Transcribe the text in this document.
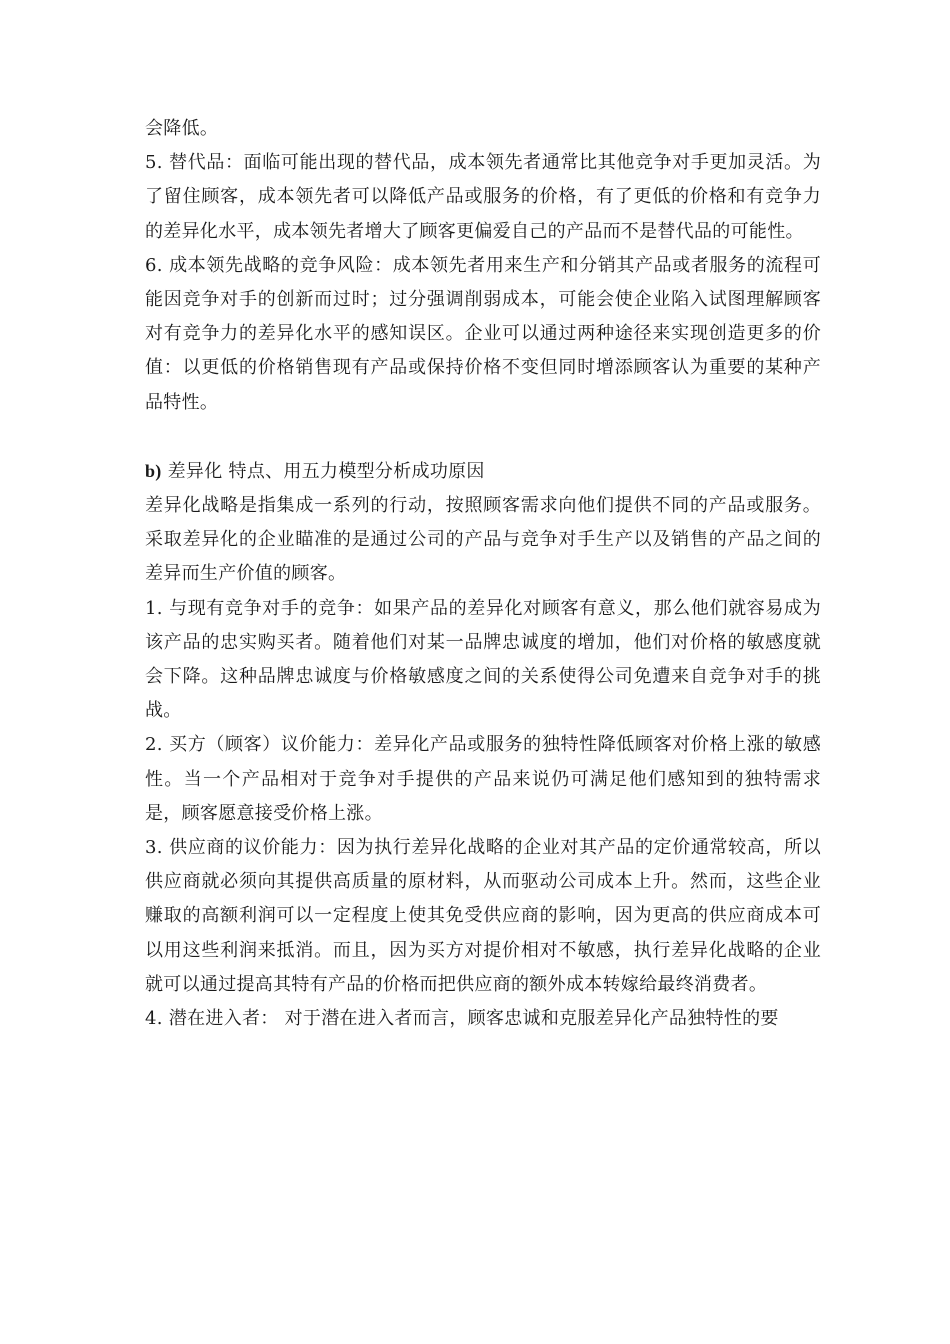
会降低。

5. 替代品：面临可能出现的替代品，成本领先者通常比其他竞争对手更加灵活。为了留住顾客，成本领先者可以降低产品或服务的价格，有了更低的价格和有竞争力的差异化水平，成本领先者增大了顾客更偏爱自己的产品而不是替代品的可能性。

6. 成本领先战略的竞争风险：成本领先者用来生产和分销其产品或者服务的流程可能因竞争对手的创新而过时；过分强调削弱成本，可能会使企业陷入试图理解顾客对有竞争力的差异化水平的感知误区。企业可以通过两种途径来实现创造更多的价值：以更低的价格销售现有产品或保持价格不变但同时增添顾客认为重要的某种产品特性。

b) 差异化 特点、用五力模型分析成功原因

差异化战略是指集成一系列的行动，按照顾客需求向他们提供不同的产品或服务。采取差异化的企业瞄准的是通过公司的产品与竞争对手生产以及销售的产品之间的差异而生产价值的顾客。

1. 与现有竞争对手的竞争：如果产品的差异化对顾客有意义，那么他们就容易成为该产品的忠实购买者。随着他们对某一品牌忠诚度的增加，他们对价格的敏感度就会下降。这种品牌忠诚度与价格敏感度之间的关系使得公司免遭来自竞争对手的挑战。

2. 买方（顾客）议价能力：差异化产品或服务的独特性降低顾客对价格上涨的敏感性。当一个产品相对于竞争对手提供的产品来说仍可满足他们感知到的独特需求是，顾客愿意接受价格上涨。

3. 供应商的议价能力：因为执行差异化战略的企业对其产品的定价通常较高，所以供应商就必须向其提供高质量的原材料，从而驱动公司成本上升。然而，这些企业赚取的高额利润可以一定程度上使其免受供应商的影响，因为更高的供应商成本可以用这些利润来抵消。而且，因为买方对提价相对不敏感，执行差异化战略的企业就可以通过提高其特有产品的价格而把供应商的额外成本转嫁给最终消费者。

4. 潜在进入者： 对于潜在进入者而言，顾客忠诚和克服差异化产品独特性的要
